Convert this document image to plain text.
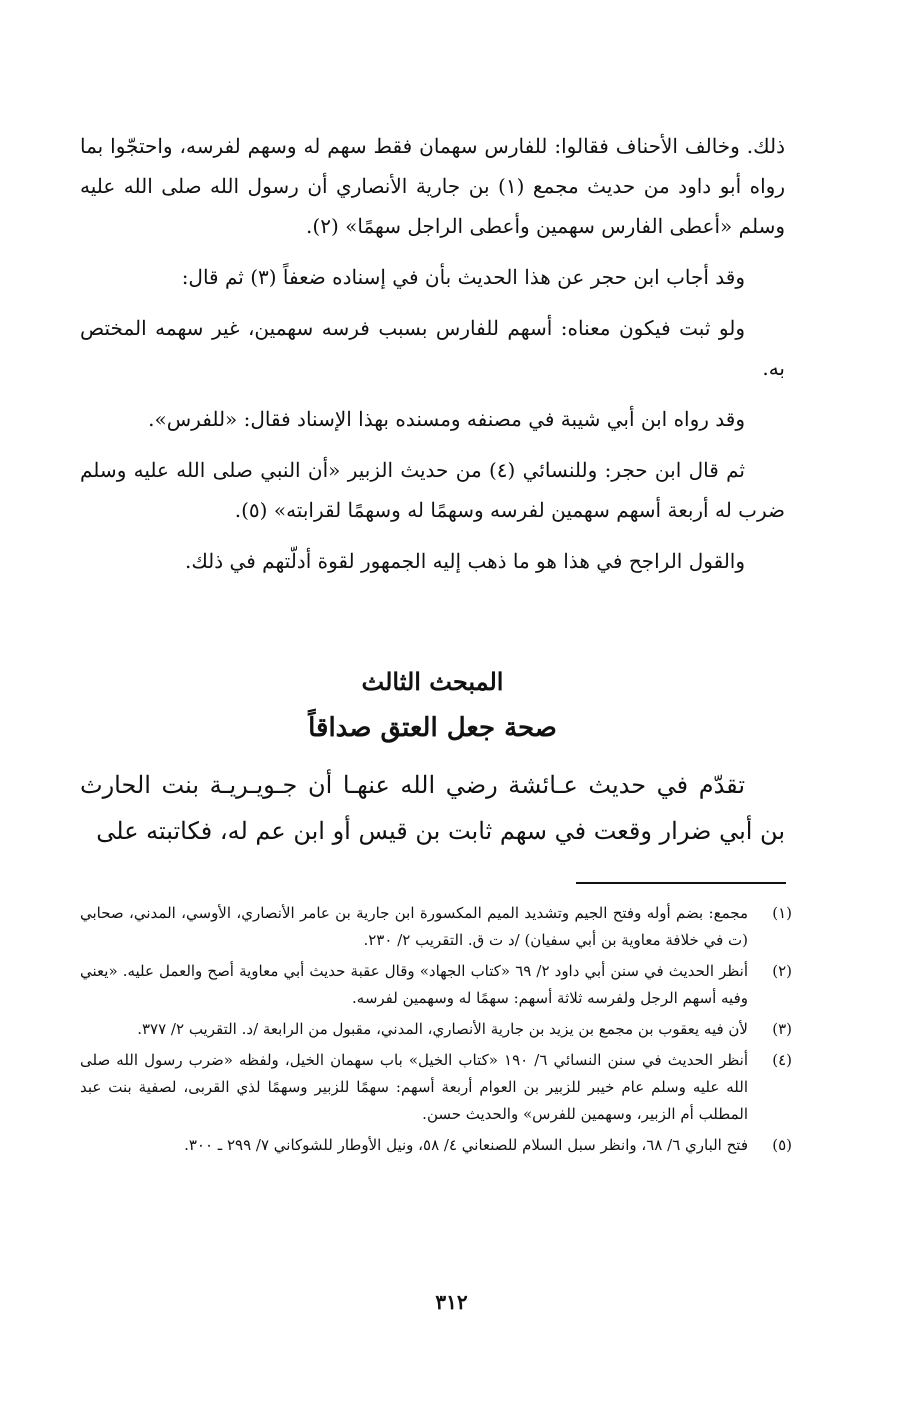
ذلك. وخالف الأحناف فقالوا: للفارس سهمان فقط سهم له وسهم لفرسه، واحتجّوا بما رواه أبو داود من حديث مجمع (١) بن جارية الأنصاري أن رسول الله صلى الله عليه وسلم «أعطى الفارس سهمين وأعطى الراجل سهمًا» (٢).

وقد أجاب ابن حجر عن هذا الحديث بأن في إسناده ضعفاً (٣) ثم قال:

ولو ثبت فيكون معناه: أسهم للفارس بسبب فرسه سهمين، غير سهمه المختص به.

وقد رواه ابن أبي شيبة في مصنفه ومسنده بهذا الإسناد فقال: «للفرس».

ثم قال ابن حجر: وللنسائي (٤) من حديث الزبير «أن النبي صلى الله عليه وسلم ضرب له أربعة أسهم سهمين لفرسه وسهمًا له وسهمًا لقرابته» (٥).

والقول الراجح في هذا هو ما ذهب إليه الجمهور لقوة أدلّتهم في ذلك.

المبحث الثالث
صحة جعل العتق صداقاً

تقدّم في حديث عـائشة رضي الله عنهـا أن جـويـريـة بنت الحارث بن أبي ضرار وقعت في سهم ثابت بن قيس أو ابن عم له، فكاتبته على

(١)
مجمع: بضم أوله وفتح الجيم وتشديد الميم المكسورة ابن جارية بن عامر الأنصاري، الأوسي، المدني، صحابي (ت في خلافة معاوية بن أبي سفيان) /د ت ق. التقريب ٢/ ٢٣٠.
(٢)
أنظر الحديث في سنن أبي داود ٢/ ٦٩ «كتاب الجهاد» وقال عقبة حديث أبي معاوية أصح والعمل عليه. «يعني وفيه أسهم الرجل ولفرسه ثلاثة أسهم: سهمًا له وسهمين لفرسه.
(٣)
لأن فيه يعقوب بن مجمع بن يزيد بن جارية الأنصاري، المدني، مقبول من الرابعة /د. التقريب ٢/ ٣٧٧.
(٤)
أنظر الحديث في سنن النسائي ٦/ ١٩٠ «كتاب الخيل» باب سهمان الخيل، ولفظه «ضرب رسول الله صلى الله عليه وسلم عام خيبر للزبير بن العوام أربعة أسهم: سهمًا للزبير وسهمًا لذي القربى، لصفية بنت عبد المطلب أم الزبير، وسهمين للفرس» والحديث حسن.
(٥)
فتح الباري ٦/ ٦٨، وانظر سبل السلام للصنعاني ٤/ ٥٨، ونيل الأوطار للشوكاني ٧/ ٢٩٩ ـ ٣٠٠.
٣١٢
